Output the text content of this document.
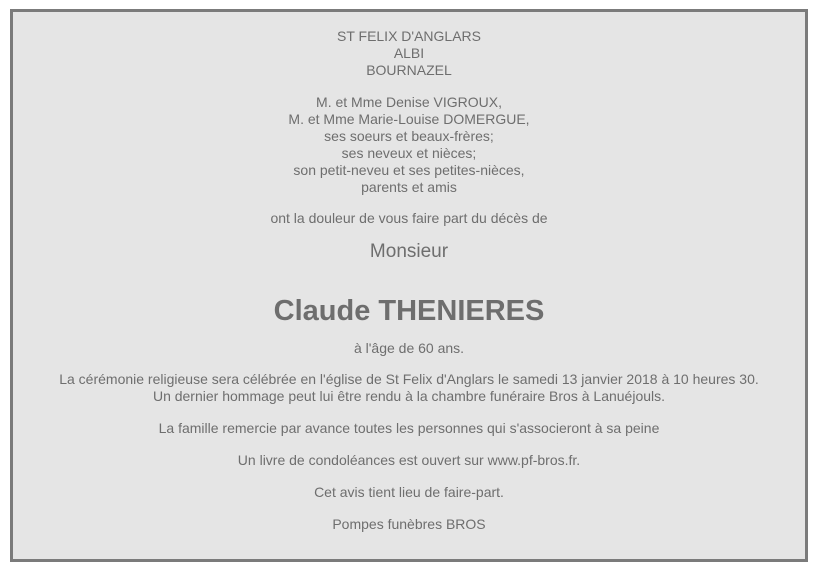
ST FELIX D'ANGLARS
ALBI
BOURNAZEL
M. et Mme Denise VIGROUX,
M. et Mme Marie-Louise DOMERGUE,
ses soeurs et beaux-frères;
ses neveux et nièces;
son petit-neveu et ses petites-nièces,
parents et amis
ont la douleur de vous faire part du décès de
Monsieur
Claude THENIERES
à l'âge de 60 ans.
La cérémonie religieuse sera célébrée en l'église de St Felix d'Anglars le samedi 13 janvier 2018 à 10 heures 30.
Un dernier hommage peut lui être rendu à la chambre funéraire Bros à Lanuéjouls.
La famille remercie par avance toutes les personnes qui s'associeront à sa peine
Un livre de condoléances est ouvert sur www.pf-bros.fr.
Cet avis tient lieu de faire-part.
Pompes funèbres BROS
